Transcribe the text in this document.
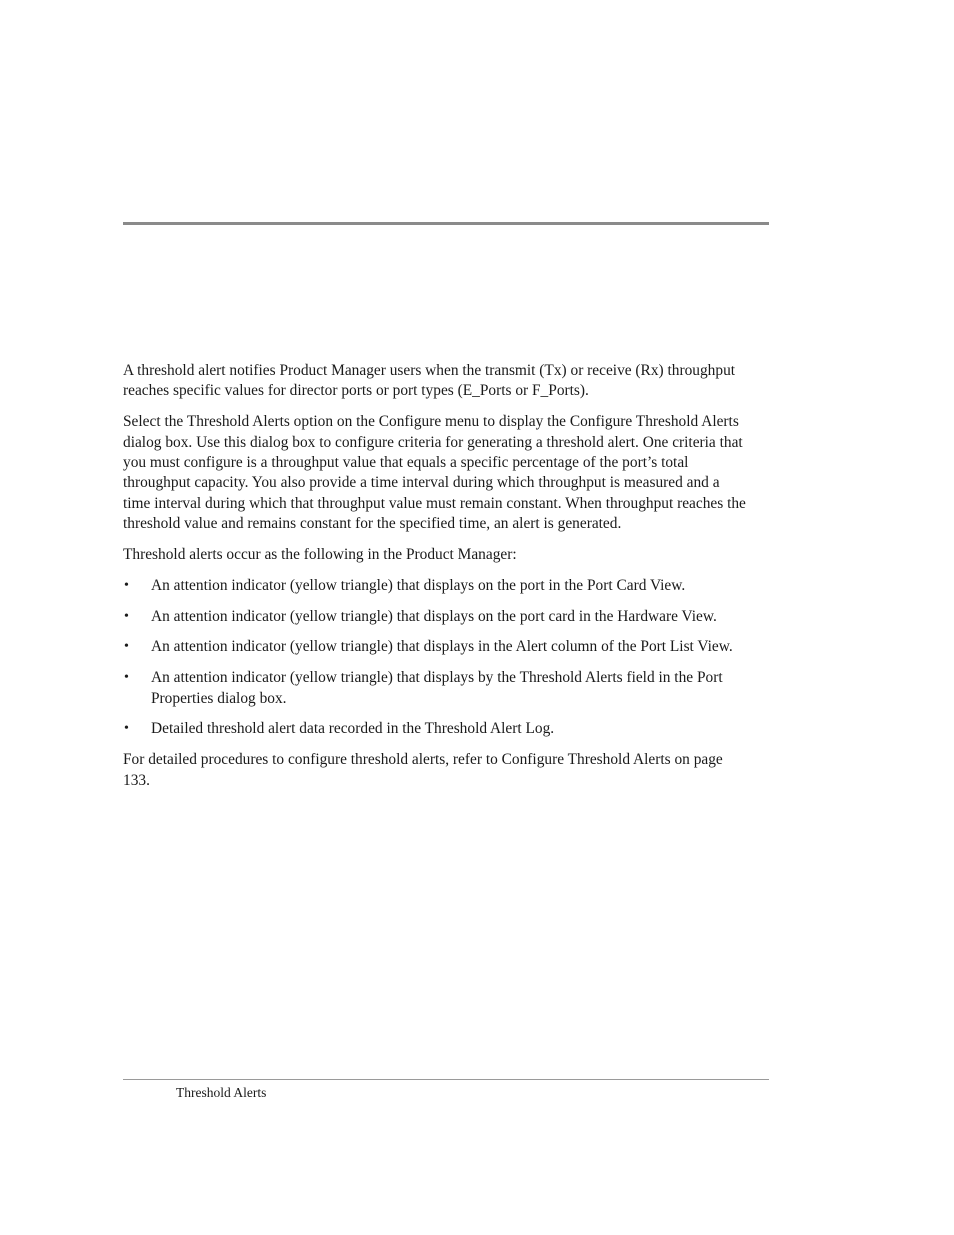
A threshold alert notifies Product Manager users when the transmit (Tx) or receive (Rx) throughput reaches specific values for director ports or port types (E_Ports or F_Ports).

Select the Threshold Alerts option on the Configure menu to display the Configure Threshold Alerts dialog box. Use this dialog box to configure criteria for generating a threshold alert. One criteria that you must configure is a throughput value that equals a specific percentage of the port’s total throughput capacity. You also provide a time interval during which throughput is measured and a time interval during which that throughput value must remain constant. When throughput reaches the threshold value and remains constant for the specified time, an alert is generated.

Threshold alerts occur as the following in the Product Manager:

• An attention indicator (yellow triangle) that displays on the port in the Port Card View.
• An attention indicator (yellow triangle) that displays on the port card in the Hardware View.
• An attention indicator (yellow triangle) that displays in the Alert column of the Port List View.
• An attention indicator (yellow triangle) that displays by the Threshold Alerts field in the Port Properties dialog box.
• Detailed threshold alert data recorded in the Threshold Alert Log.

For detailed procedures to configure threshold alerts, refer to Configure Threshold Alerts on page 133.

Threshold Alerts
